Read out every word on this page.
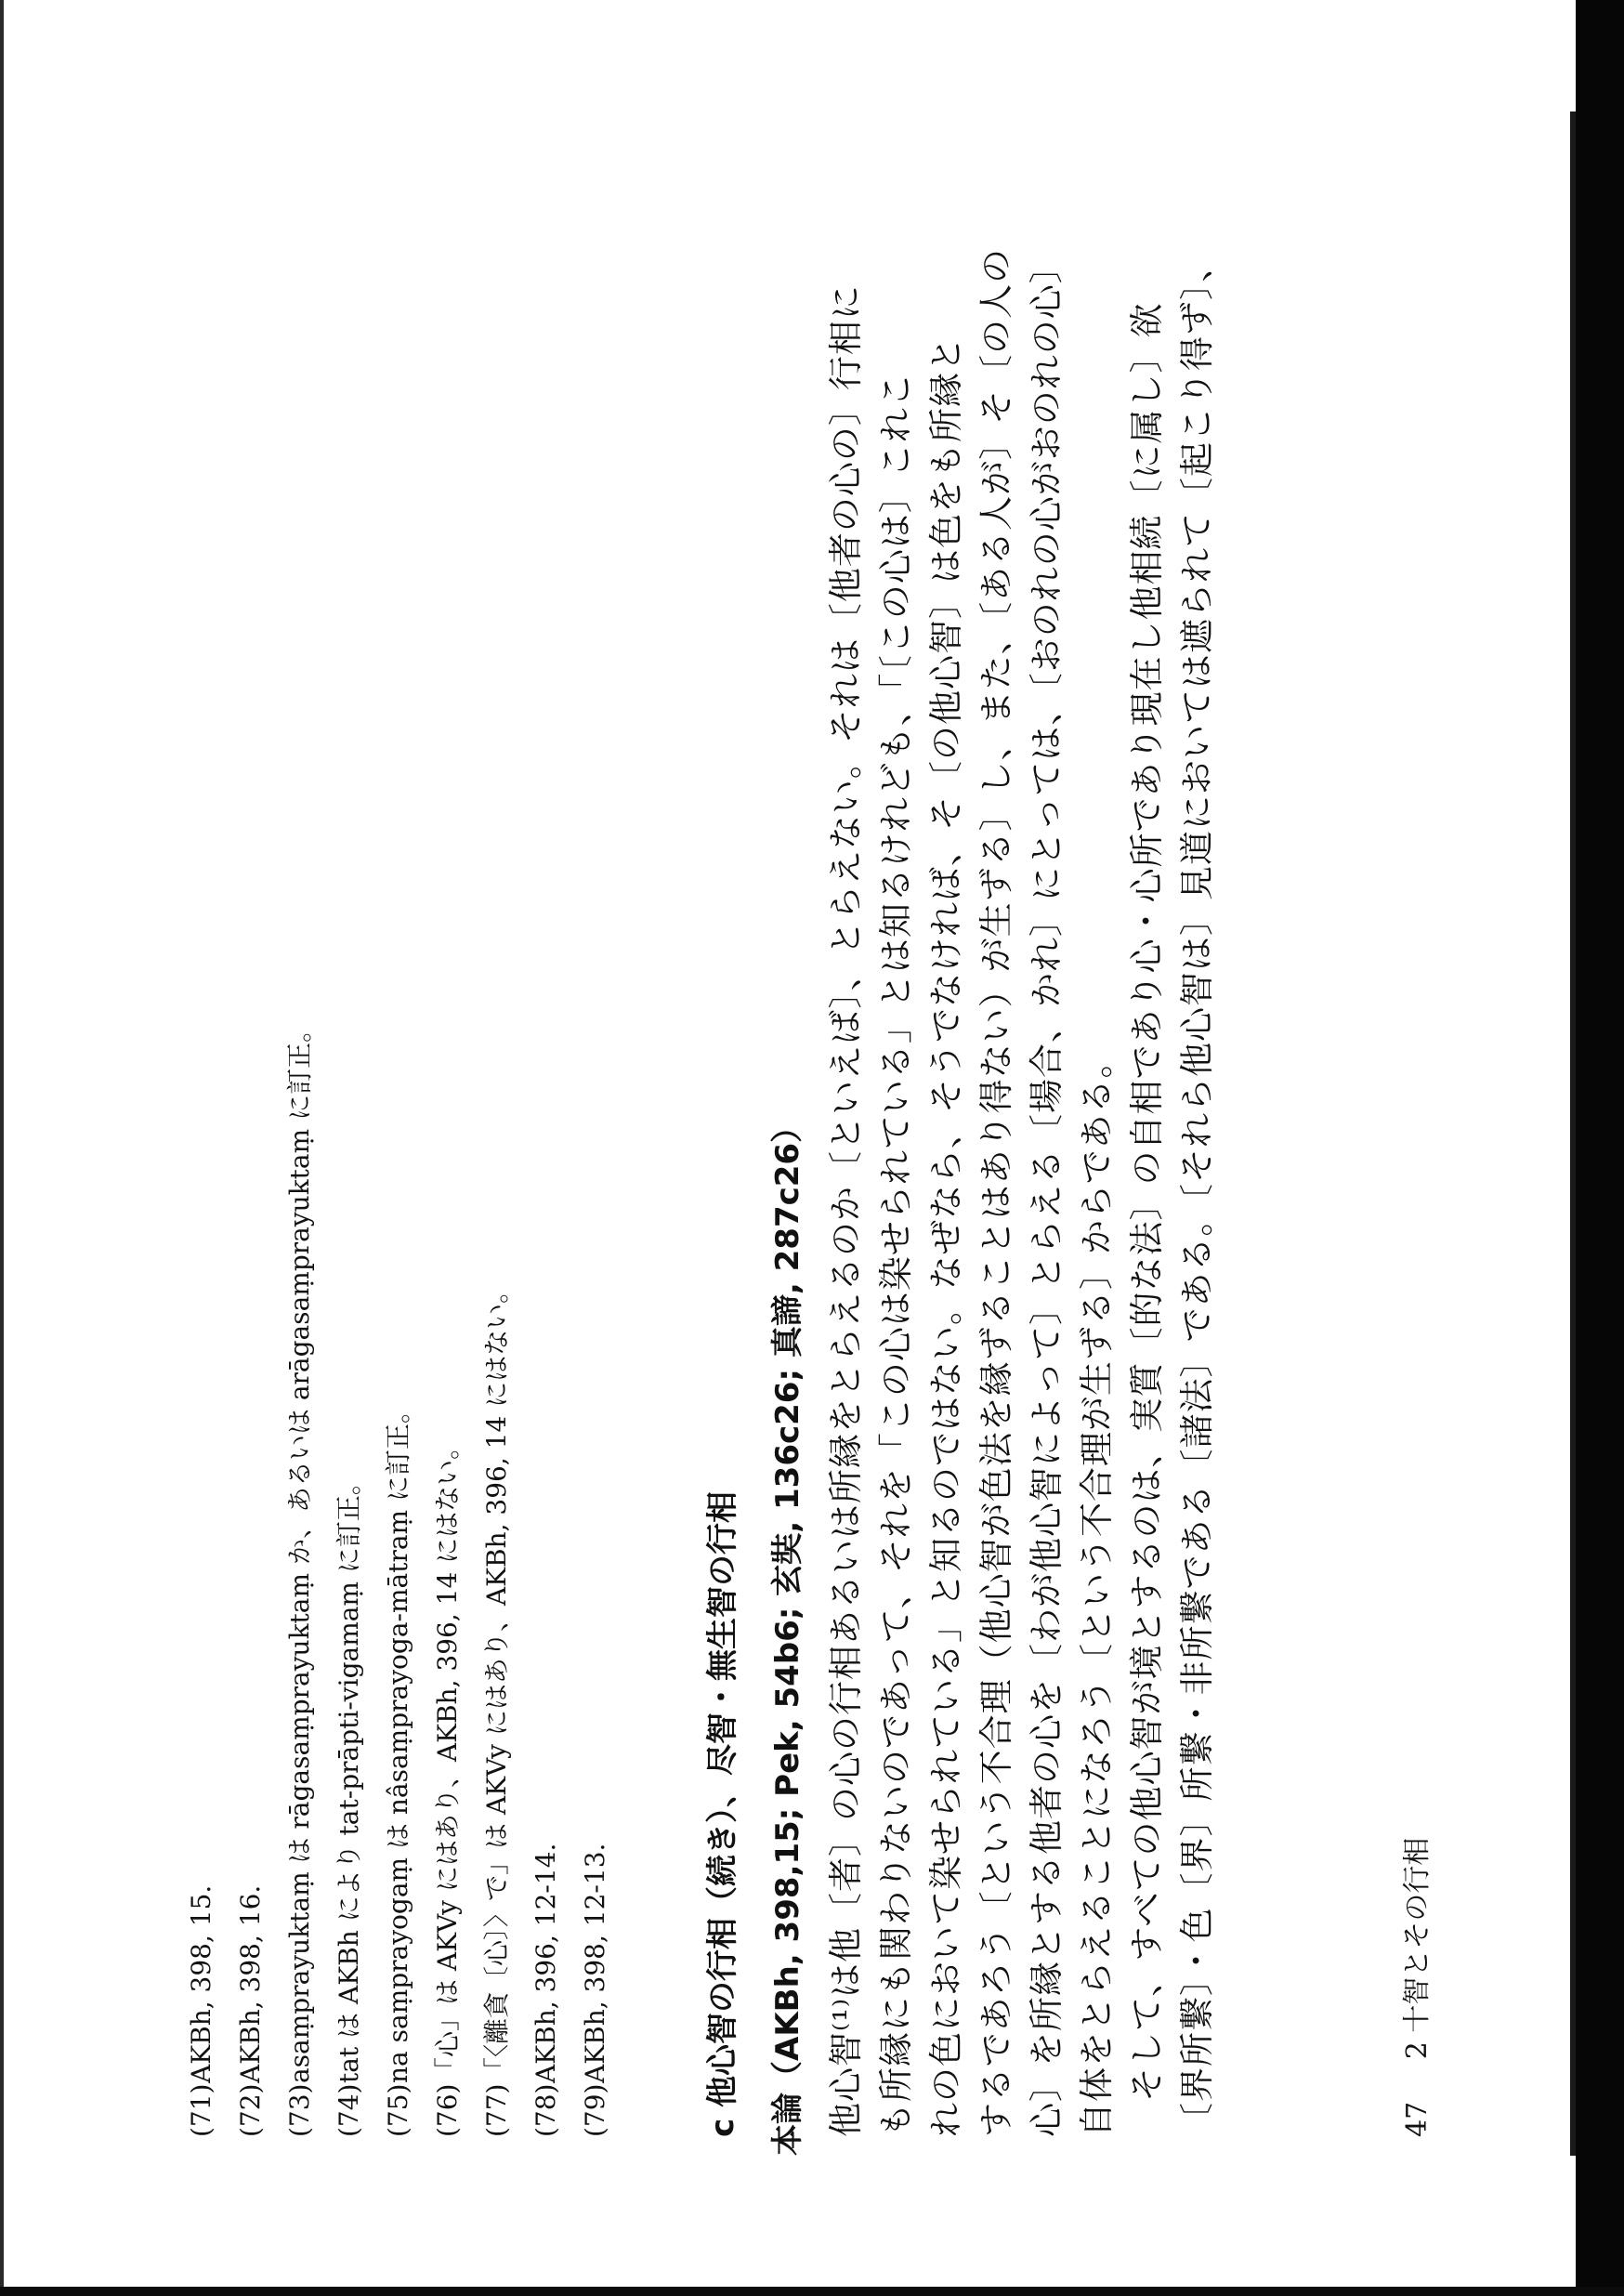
(71)AKBh, 398, 15.
(72)AKBh, 398, 16.
(73)asaṃprayuktaṃ は rāgasaṃprayuktaṃ か、あるいは arāgasaṃprayuktaṃ に訂正。
(74)tat は AKBh により tat-prāpti-vigamaṃ に訂正。
(75)na saṃprayogaṃ は nâsaṃprayoga-mātraṃ に訂正。
(76)「心」は AKVy にはあり、AKBh, 396, 14 にはない。
(77)「〈離貪〔心〕〉で」は AKVy にはあり、AKBh, 396, 14 にはない。
(78)AKBh, 396, 12-14.
(79)AKBh, 398, 12-13.	c 他心智の行相（続き）、尽智・無生智の行相 本論（AKBh, 398,15; Pek, 54b6; 玄奘, 136c26; 真諦, 287c26） 他心智⁽¹⁾は他〔者〕の心の行相あるいは所縁をとらえるのか〔といえば〕、とらえない。それは〔他者の心の〕行相に も所縁にも関わりないのであって、それを「この心は染せられている」とは知るけれども、「〔この心は〕これこ れの色において染せられている」と知るのではない。なぜなら、そうでなければ、そ〔の他心智〕は色をも所縁と するであろう〔という不合理（他心智が色法を縁ずることはあり得ない）が生ずる〕し、また、〔ある人が〕そ〔の人の 心〕を所縁とする他者の心を〔わが他心智によって〕とらえる〔場合、かれ〕にとっては、〔おのれの心がおのれの心〕 自体をとらえることになろう〔という不合理が生ずる〕からである。 　そして、すべての他心智が境とするのは、実質〔的な法〕の自相であり心・心所であり現在し他相続〔に属し〕欲 〔界所繋〕・色〔界〕所繋・非所繋である〔諸法〕である。〔それら他心智は〕見道においては遮られて〔起こり得ず〕、	47 2 十智とその行相
